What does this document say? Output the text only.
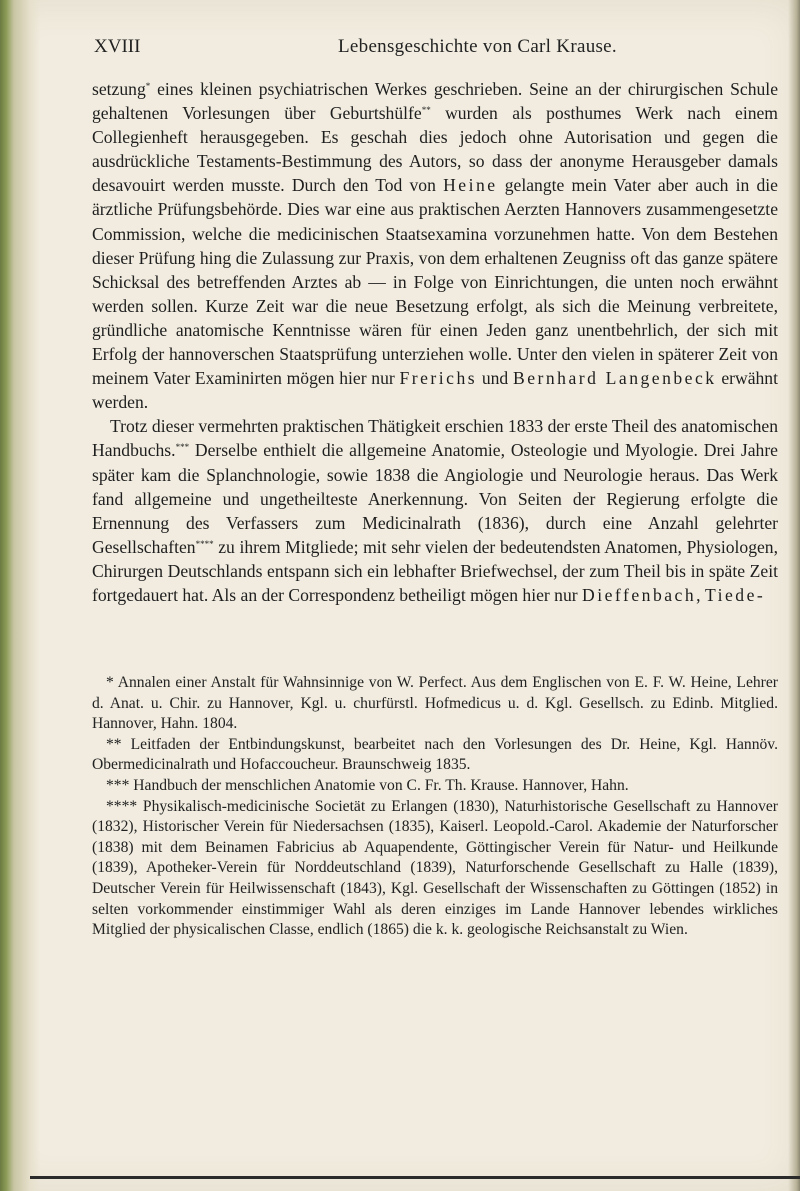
XVIII	Lebensgeschichte von Carl Krause.

setzung* eines kleinen psychiatrischen Werkes geschrieben. Seine an der chirurgischen Schule gehaltenen Vorlesungen über Geburtshülfe** wurden als posthumes Werk nach einem Collegienheft herausgegeben. Es geschah dies jedoch ohne Autorisation und gegen die ausdrückliche Testaments-Bestimmung des Autors, so dass der anonyme Herausgeber damals desavouirt werden musste. Durch den Tod von Heine gelangte mein Vater aber auch in die ärztliche Prüfungsbehörde. Dies war eine aus praktischen Aerzten Hannovers zusammengesetzte Commission, welche die medicinischen Staatsexamina vorzunehmen hatte. Von dem Bestehen dieser Prüfung hing die Zulassung zur Praxis, von dem erhaltenen Zeugniss oft das ganze spätere Schicksal des betreffenden Arztes ab — in Folge von Einrichtungen, die unten noch erwähnt werden sollen. Kurze Zeit war die neue Besetzung erfolgt, als sich die Meinung verbreitete, gründliche anatomische Kenntnisse wären für einen Jeden ganz unentbehrlich, der sich mit Erfolg der hannoverschen Staatsprüfung unterziehen wolle. Unter den vielen in späterer Zeit von meinem Vater Examinirten mögen hier nur Frerichs und Bernhard Langenbeck erwähnt werden.

Trotz dieser vermehrten praktischen Thätigkeit erschien 1833 der erste Theil des anatomischen Handbuchs.*** Derselbe enthielt die allgemeine Anatomie, Osteologie und Myologie. Drei Jahre später kam die Splanchnologie, sowie 1838 die Angiologie und Neurologie heraus. Das Werk fand allgemeine und ungetheilteste Anerkennung. Von Seiten der Regierung erfolgte die Ernennung des Verfassers zum Medicinalrath (1836), durch eine Anzahl gelehrter Gesellschaften**** zu ihrem Mitgliede; mit sehr vielen der bedeutendsten Anatomen, Physiologen, Chirurgen Deutschlands entspann sich ein lebhafter Briefwechsel, der zum Theil bis in späte Zeit fortgedauert hat. Als an der Correspondenz betheiligt mögen hier nur Dieffenbach, Tiede-

* Annalen einer Anstalt für Wahnsinnige von W. Perfect. Aus dem Englischen von E. F. W. Heine, Lehrer d. Anat. u. Chir. zu Hannover, Kgl. u. churfürstl. Hofmedicus u. d. Kgl. Gesellsch. zu Edinb. Mitglied. Hannover, Hahn. 1804.

** Leitfaden der Entbindungskunst, bearbeitet nach den Vorlesungen des Dr. Heine, Kgl. Hannöv. Obermedicinalrath und Hofaccoucheur. Braunschweig 1835.

*** Handbuch der menschlichen Anatomie von C. Fr. Th. Krause. Hannover, Hahn.

**** Physikalisch-medicinische Societät zu Erlangen (1830), Naturhistorische Gesellschaft zu Hannover (1832), Historischer Verein für Niedersachsen (1835), Kaiserl. Leopold.-Carol. Akademie der Naturforscher (1838) mit dem Beinamen Fabricius ab Aquapendente, Göttingischer Verein für Natur- und Heilkunde (1839), Apotheker-Verein für Norddeutschland (1839), Naturforschende Gesellschaft zu Halle (1839), Deutscher Verein für Heilwissenschaft (1843), Kgl. Gesellschaft der Wissenschaften zu Göttingen (1852) in selten vorkommender einstimmiger Wahl als deren einziges im Lande Hannover lebendes wirkliches Mitglied der physicalischen Classe, endlich (1865) die k. k. geologische Reichsanstalt zu Wien.
